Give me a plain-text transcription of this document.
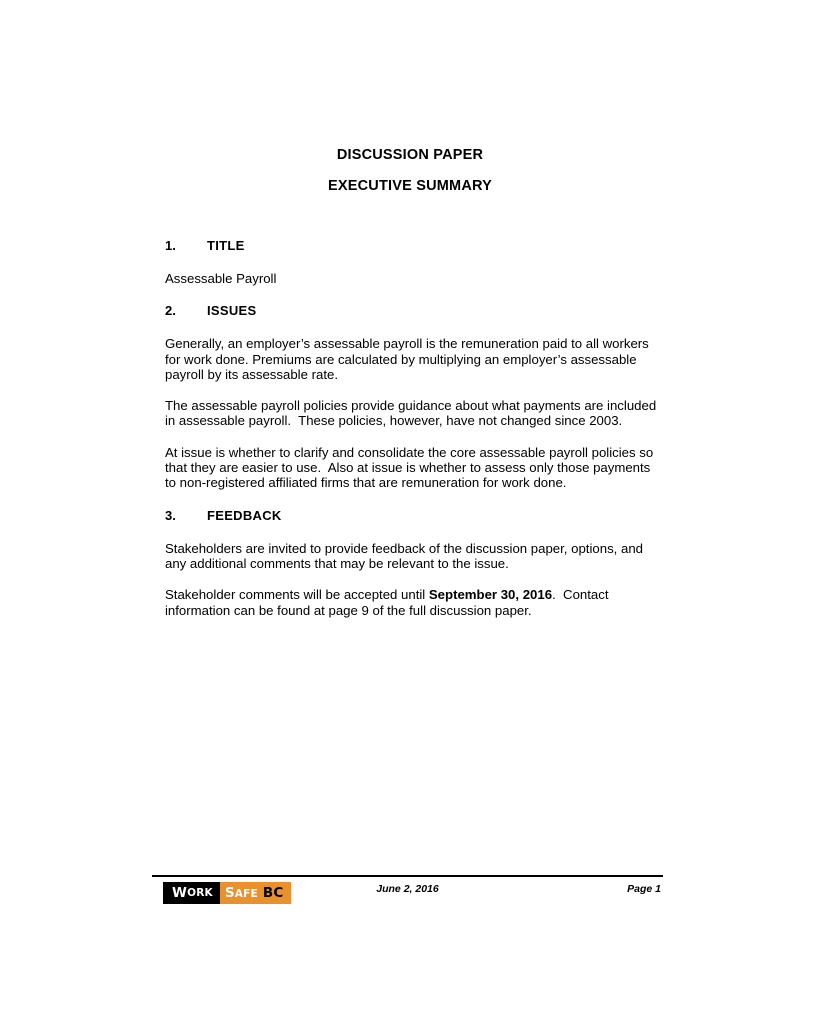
DISCUSSION PAPER
EXECUTIVE SUMMARY
1.	TITLE

Assessable Payroll

2.	ISSUES

Generally, an employer’s assessable payroll is the remuneration paid to all workers for work done. Premiums are calculated by multiplying an employer’s assessable payroll by its assessable rate.

The assessable payroll policies provide guidance about what payments are included in assessable payroll.  These policies, however, have not changed since 2003.

At issue is whether to clarify and consolidate the core assessable payroll policies so that they are easier to use.  Also at issue is whether to assess only those payments to non-registered affiliated firms that are remuneration for work done.

3.	FEEDBACK

Stakeholders are invited to provide feedback of the discussion paper, options, and any additional comments that may be relevant to the issue.

Stakeholder comments will be accepted until September 30, 2016.  Contact information can be found at page 9 of the full discussion paper.

W ORK SAFE BC	June 2, 2016	Page 1
